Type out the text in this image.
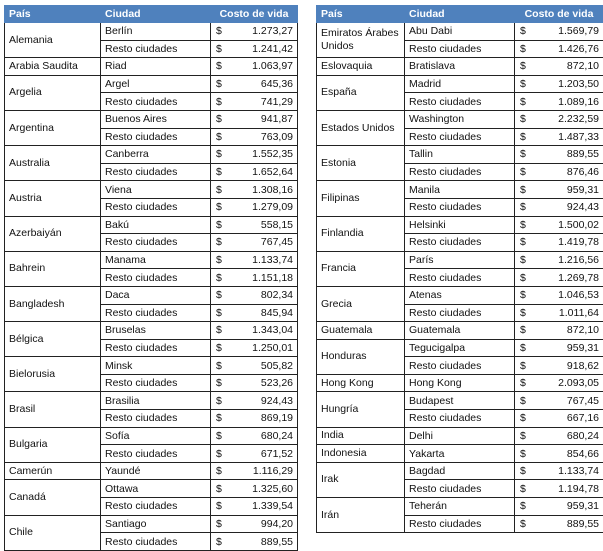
País	Ciudad	Costo de vida	
Alemania	Berlín	$	1.273,27
	Resto ciudades	$	1.241,42
Arabia Saudita	Riad	$	1.063,97
Argelia	Argel	$	645,36
	Resto ciudades	$	741,29
Argentina	Buenos Aires	$	941,87
	Resto ciudades	$	763,09
Australia	Canberra	$	1.552,35
	Resto ciudades	$	1.652,64
Austria	Viena	$	1.308,16
	Resto ciudades	$	1.279,09
Azerbaiyán	Bakú	$	558,15
	Resto ciudades	$	767,45
Bahrein	Manama	$	1.133,74
	Resto ciudades	$	1.151,18
Bangladesh	Daca	$	802,34
	Resto ciudades	$	845,94
Bélgica	Bruselas	$	1.343,04
	Resto ciudades	$	1.250,01
Bielorusia	Minsk	$	505,82
	Resto ciudades	$	523,26
Brasil	Brasilia	$	924,43
	Resto ciudades	$	869,19
Bulgaria	Sofía	$	680,24
	Resto ciudades	$	671,52
Camerún	Yaundé	$	1.116,29
Canadá	Ottawa	$	1.325,60
	Resto ciudades	$	1.339,54
Chile	Santiago	$	994,20
	Resto ciudades	$	889,55
País	Ciudad	Costo de vida	
Emiratos Árabes Unidos	Abu Dabi	$	1.569,79
	Resto ciudades	$	1.426,76
Eslovaquia	Bratislava	$	872,10
España	Madrid	$	1.203,50
	Resto ciudades	$	1.089,16
Estados Unidos	Washington	$	2.232,59
	Resto ciudades	$	1.487,33
Estonia	Tallin	$	889,55
	Resto ciudades	$	876,46
Filipinas	Manila	$	959,31
	Resto ciudades	$	924,43
Finlandia	Helsinki	$	1.500,02
	Resto ciudades	$	1.419,78
Francia	París	$	1.216,56
	Resto ciudades	$	1.269,78
Grecia	Atenas	$	1.046,53
	Resto ciudades	$	1.011,64
Guatemala	Guatemala	$	872,10
Honduras	Tegucigalpa	$	959,31
	Resto ciudades	$	918,62
Hong Kong	Hong Kong	$	2.093,05
Hungría	Budapest	$	767,45
	Resto ciudades	$	667,16
India	Delhi	$	680,24
Indonesia	Yakarta	$	854,66
Irak	Bagdad	$	1.133,74
	Resto ciudades	$	1.194,78
Irán	Teherán	$	959,31
	Resto ciudades	$	889,55
